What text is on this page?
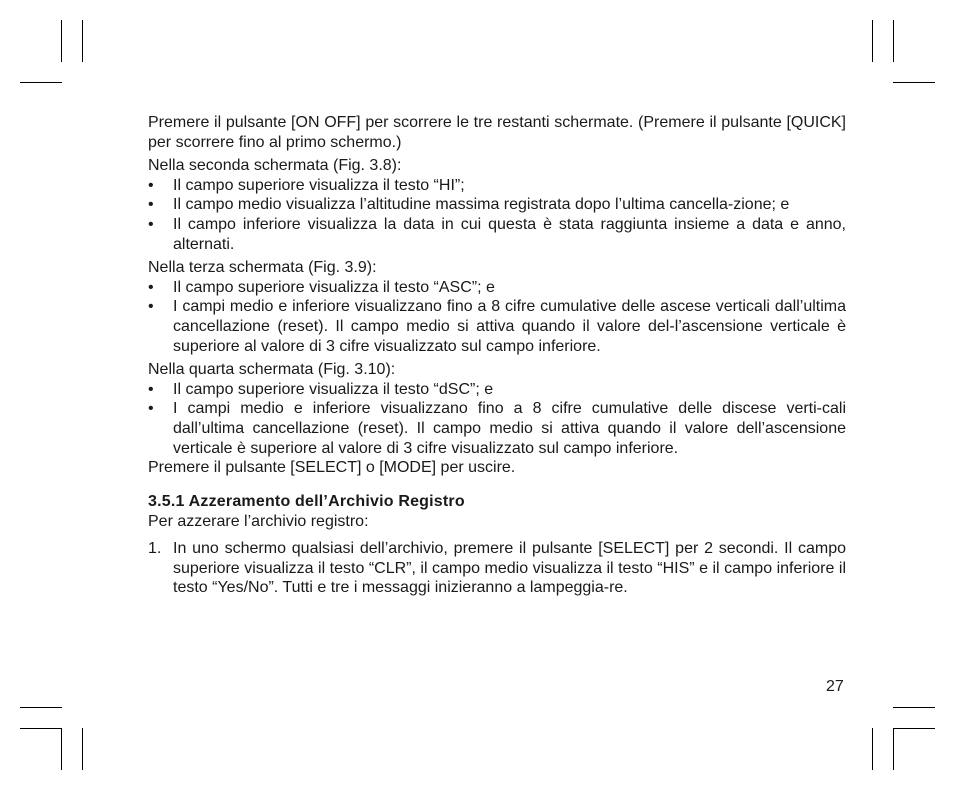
Premere il pulsante [ON OFF] per scorrere le tre restanti schermate. (Premere il pulsante [QUICK] per scorrere fino al primo schermo.)

Nella seconda schermata (Fig. 3.8):

• Il campo superiore visualizza il testo “HI”;
• Il campo medio visualizza l’altitudine massima registrata dopo l’ultima cancella-zione; e
• Il campo inferiore visualizza la data in cui questa è stata raggiunta insieme a data e anno, alternati.

Nella terza schermata (Fig. 3.9):

• Il campo superiore visualizza il testo “ASC”; e
• I campi medio e inferiore visualizzano fino a 8 cifre cumulative delle ascese verticali dall’ultima cancellazione (reset). Il campo medio si attiva quando il valore del-l’ascensione verticale è superiore al valore di 3 cifre visualizzato sul campo inferiore.

Nella quarta schermata (Fig. 3.10):

• Il campo superiore visualizza il testo “dSC”; e
• I campi medio e inferiore visualizzano fino a 8 cifre cumulative delle discese verti-cali dall’ultima cancellazione (reset). Il campo medio si attiva quando il valore dell’ascensione verticale è superiore al valore di 3 cifre visualizzato sul campo inferiore.

Premere il pulsante [SELECT] o [MODE] per uscire.

3.5.1 Azzeramento dell’Archivio Registro

Per azzerare l’archivio registro:

1. In uno schermo qualsiasi dell’archivio, premere il pulsante [SELECT] per 2 secondi. Il campo superiore visualizza il testo “CLR”, il campo medio visualizza il testo “HIS” e il campo inferiore il testo “Yes/No”. Tutti e tre i messaggi inizieranno a lampeggia-re.
27
